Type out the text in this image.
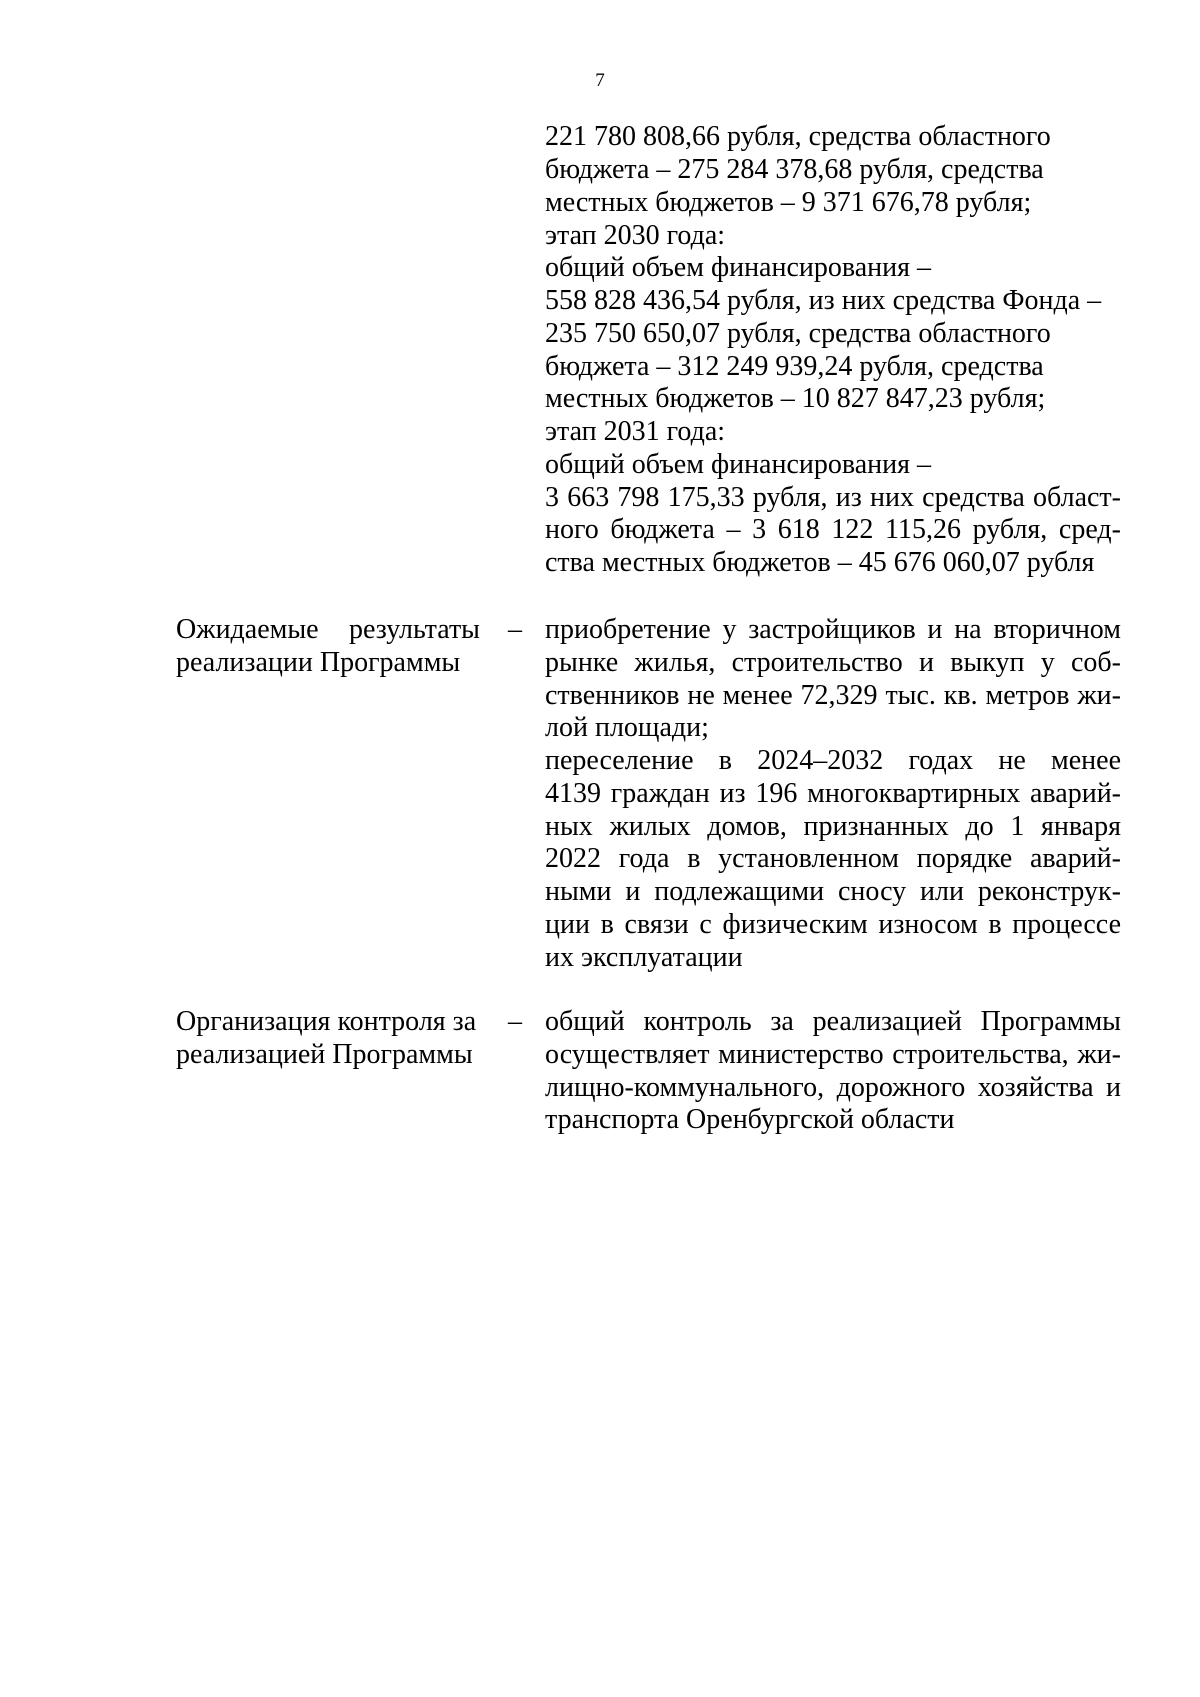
7
221 780 808,66 рубля, средства областного
бюджета – 275 284 378,68 рубля, средства
местных бюджетов – 9 371 676,78 рубля;
этап 2030 года:
общий объем финансирования –
558 828 436,54 рубля, из них средства Фонда –
235 750 650,07 рубля, средства областного
бюджета – 312 249 939,24 рубля, средства
местных бюджетов – 10 827 847,23 рубля;
этап 2031 года:
общий объем финансирования –
3 663 798 175,33 рубля, из них средства област-
ного бюджета – 3 618 122 115,26 рубля, сред-
ства местных бюджетов – 45 676 060,07 рубля
Ожидаемые результаты
реализации Программы
– приобретение у застройщиков и на вторичном
рынке жилья, строительство и выкуп у соб-
ственников не менее 72,329 тыс. кв. метров жи-
лой площади;
переселение в 2024–2032 годах не менее
4139 граждан из 196 многоквартирных аварий-
ных жилых домов, признанных до 1 января
2022 года в установленном порядке аварий-
ными и подлежащими сносу или реконструк-
ции в связи с физическим износом в процессе
их эксплуатации
Организация контроля за
реализацией Программы
– общий контроль за реализацией Программы
осуществляет министерство строительства, жи-
лищно-коммунального, дорожного хозяйства и
транспорта Оренбургской области
